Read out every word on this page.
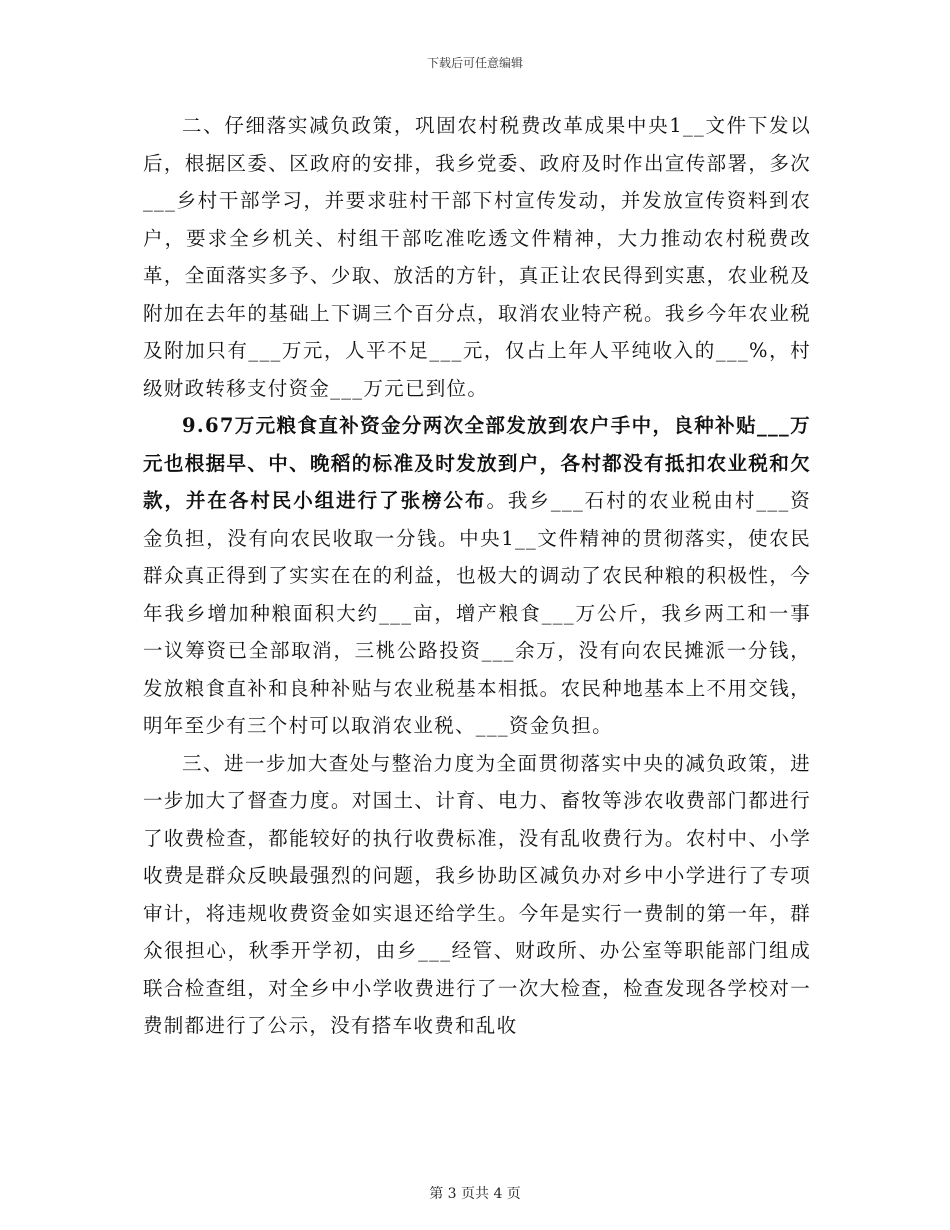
下载后可任意编辑

二、仔细落实减负政策，巩固农村税费改革成果中央1__文件下发以后，根据区委、区政府的安排，我乡党委、政府及时作出宣传部署，多次___乡村干部学习，并要求驻村干部下村宣传发动，并发放宣传资料到农户，要求全乡机关、村组干部吃准吃透文件精神，大力推动农村税费改革，全面落实多予、少取、放活的方针，真正让农民得到实惠，农业税及附加在去年的基础上下调三个百分点，取消农业特产税。我乡今年农业税及附加只有___万元，人平不足___元，仅占上年人平纯收入的___%，村级财政转移支付资金___万元已到位。

9.67万元粮食直补资金分两次全部发放到农户手中，良种补贴___万元也根据早、中、晚稻的标准及时发放到户，各村都没有抵扣农业税和欠款，并在各村民小组进行了张榜公布。我乡___石村的农业税由村___资金负担，没有向农民收取一分钱。中央1__文件精神的贯彻落实，使农民群众真正得到了实实在在的利益，也极大的调动了农民种粮的积极性，今年我乡增加种粮面积大约___亩，增产粮食___万公斤，我乡两工和一事一议筹资已全部取消，三桃公路投资___余万，没有向农民摊派一分钱，发放粮食直补和良种补贴与农业税基本相抵。农民种地基本上不用交钱，明年至少有三个村可以取消农业税、___资金负担。

三、进一步加大查处与整治力度为全面贯彻落实中央的减负政策，进一步加大了督查力度。对国土、计育、电力、畜牧等涉农收费部门都进行了收费检查，都能较好的执行收费标准，没有乱收费行为。农村中、小学收费是群众反映最强烈的问题，我乡协助区减负办对乡中小学进行了专项审计，将违规收费资金如实退还给学生。今年是实行一费制的第一年，群众很担心，秋季开学初，由乡___经管、财政所、办公室等职能部门组成联合检查组，对全乡中小学收费进行了一次大检查，检查发现各学校对一费制都进行了公示，没有搭车收费和乱收

第 3 页共 4 页
